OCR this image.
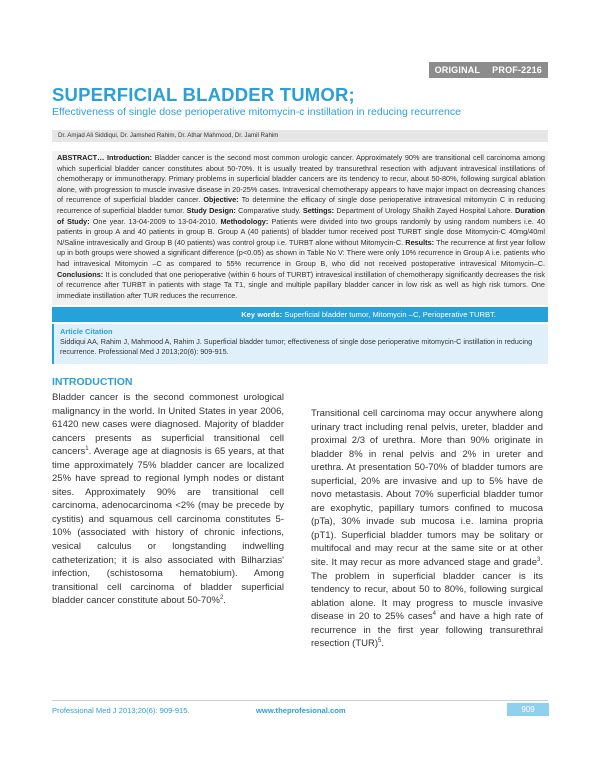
ORIGINAL PROF-2216
SUPERFICIAL BLADDER TUMOR;
Effectiveness of single dose perioperative mitomycin-c instillation in reducing recurrence
Dr. Amjad Ali Siddiqui, Dr. Jamshed Rahim, Dr. Athar Mahmood, Dr. Jamil Rahim
ABSTRACT… Introduction: Bladder cancer is the second most common urologic cancer. Approximately 90% are transitional cell carcinoma among which superficial bladder cancer constitutes about 50-70%. It is usually treated by transurethral resection with adjuvant intravesical instillations of chemotherapy or immunotherapy. Primary problems in superficial bladder cancers are its tendency to recur, about 50-80%, following surgical ablation alone, with progression to muscle invasive disease in 20-25% cases. Intravesical chemotherapy appears to have major impact on decreasing chances of recurrence of superficial bladder cancer. Objective: To determine the efficacy of single dose perioperative intravesical mitomycin C in reducing recurrence of superficial bladder tumor. Study Design: Comparative study. Settings: Department of Urology Shaikh Zayed Hospital Lahore. Duration of Study: One year. 13-04-2009 to 13-04-2010. Methodology: Patients were divided into two groups randomly by using random numbers i.e. 40 patients in group A and 40 patients in group B. Group A (40 patients) of bladder tumor received post TURBT single dose Mitomycin-C 40mg/40ml N/Saline intravesically and Group B (40 patients) was control group i.e. TURBT alone without Mitomycin-C. Results: The recurrence at first year follow up in both groups were showed a significant difference (p<0.05) as shown in Table No V: There were only 10% recurrence in Group A i.e. patients who had intravesical Mitomycin –C as compared to 55% recurrence in Group B, who did not received postoperative intravesical Mitomycin–C. Conclusions: It is concluded that one perioperative (within 6 hours of TURBT) intravesical instillation of chemotherapy significantly decreases the risk of recurrence after TURBT in patients with stage Ta T1, single and multiple papillary bladder cancer in low risk as well as high risk tumors. One immediate instillation after TUR reduces the recurrence.
Key words: Superficial bladder tumor, Mitomycin –C, Perioperative TURBT.
Article Citation
Siddiqui AA, Rahim J, Mahmood A, Rahim J. Superficial bladder tumor; effectiveness of single dose perioperative mitomycin-C instillation in reducing recurrence. Professional Med J 2013;20(6): 909-915.
INTRODUCTION

Bladder cancer is the second commonest urological malignancy in the world. In United States in year 2006, 61420 new cases were diagnosed. Majority of bladder cancers presents as superficial transitional cell cancers$^1$. Average age at diagnosis is 65 years, at that time approximately 75% bladder cancer are localized 25% have spread to regional lymph nodes or distant sites. Approximately 90% are transitional cell carcinoma, adenocarcinoma <2% (may be precede by cystitis) and squamous cell carcinoma constitutes 5-10% (associated with history of chronic infections, vesical calculus or longstanding indwelling catheterization; it is also associated with Bilharzias' infection, (schistosoma hematobium). Among transitional cell carcinoma of bladder superficial bladder cancer constitute about 50-70%$^2$.

Transitional cell carcinoma may occur anywhere along urinary tract including renal pelvis, ureter, bladder and proximal 2/3 of urethra. More than 90% originate in bladder 8% in renal pelvis and 2% in ureter and urethra. At presentation 50-70% of bladder tumors are superficial, 20% are invasive and up to 5% have de novo metastasis. About 70% superficial bladder tumor are exophytic, papillary tumors confined to mucosa (pTa), 30% invade sub mucosa i.e. lamina propria (pT1). Superficial bladder tumors may be solitary or multifocal and may recur at the same site or at other site. It may recur as more advanced stage and grade$^3$. The problem in superficial bladder cancer is its tendency to recur, about 50 to 80%, following surgical ablation alone. It may progress to muscle invasive disease in 20 to 25% cases$^4$ and have a high rate of recurrence in the first year following transurethral resection (TUR)$^5$.

Professional Med J 2013;20(6): 909-915.	www.theprofesional.com	909
